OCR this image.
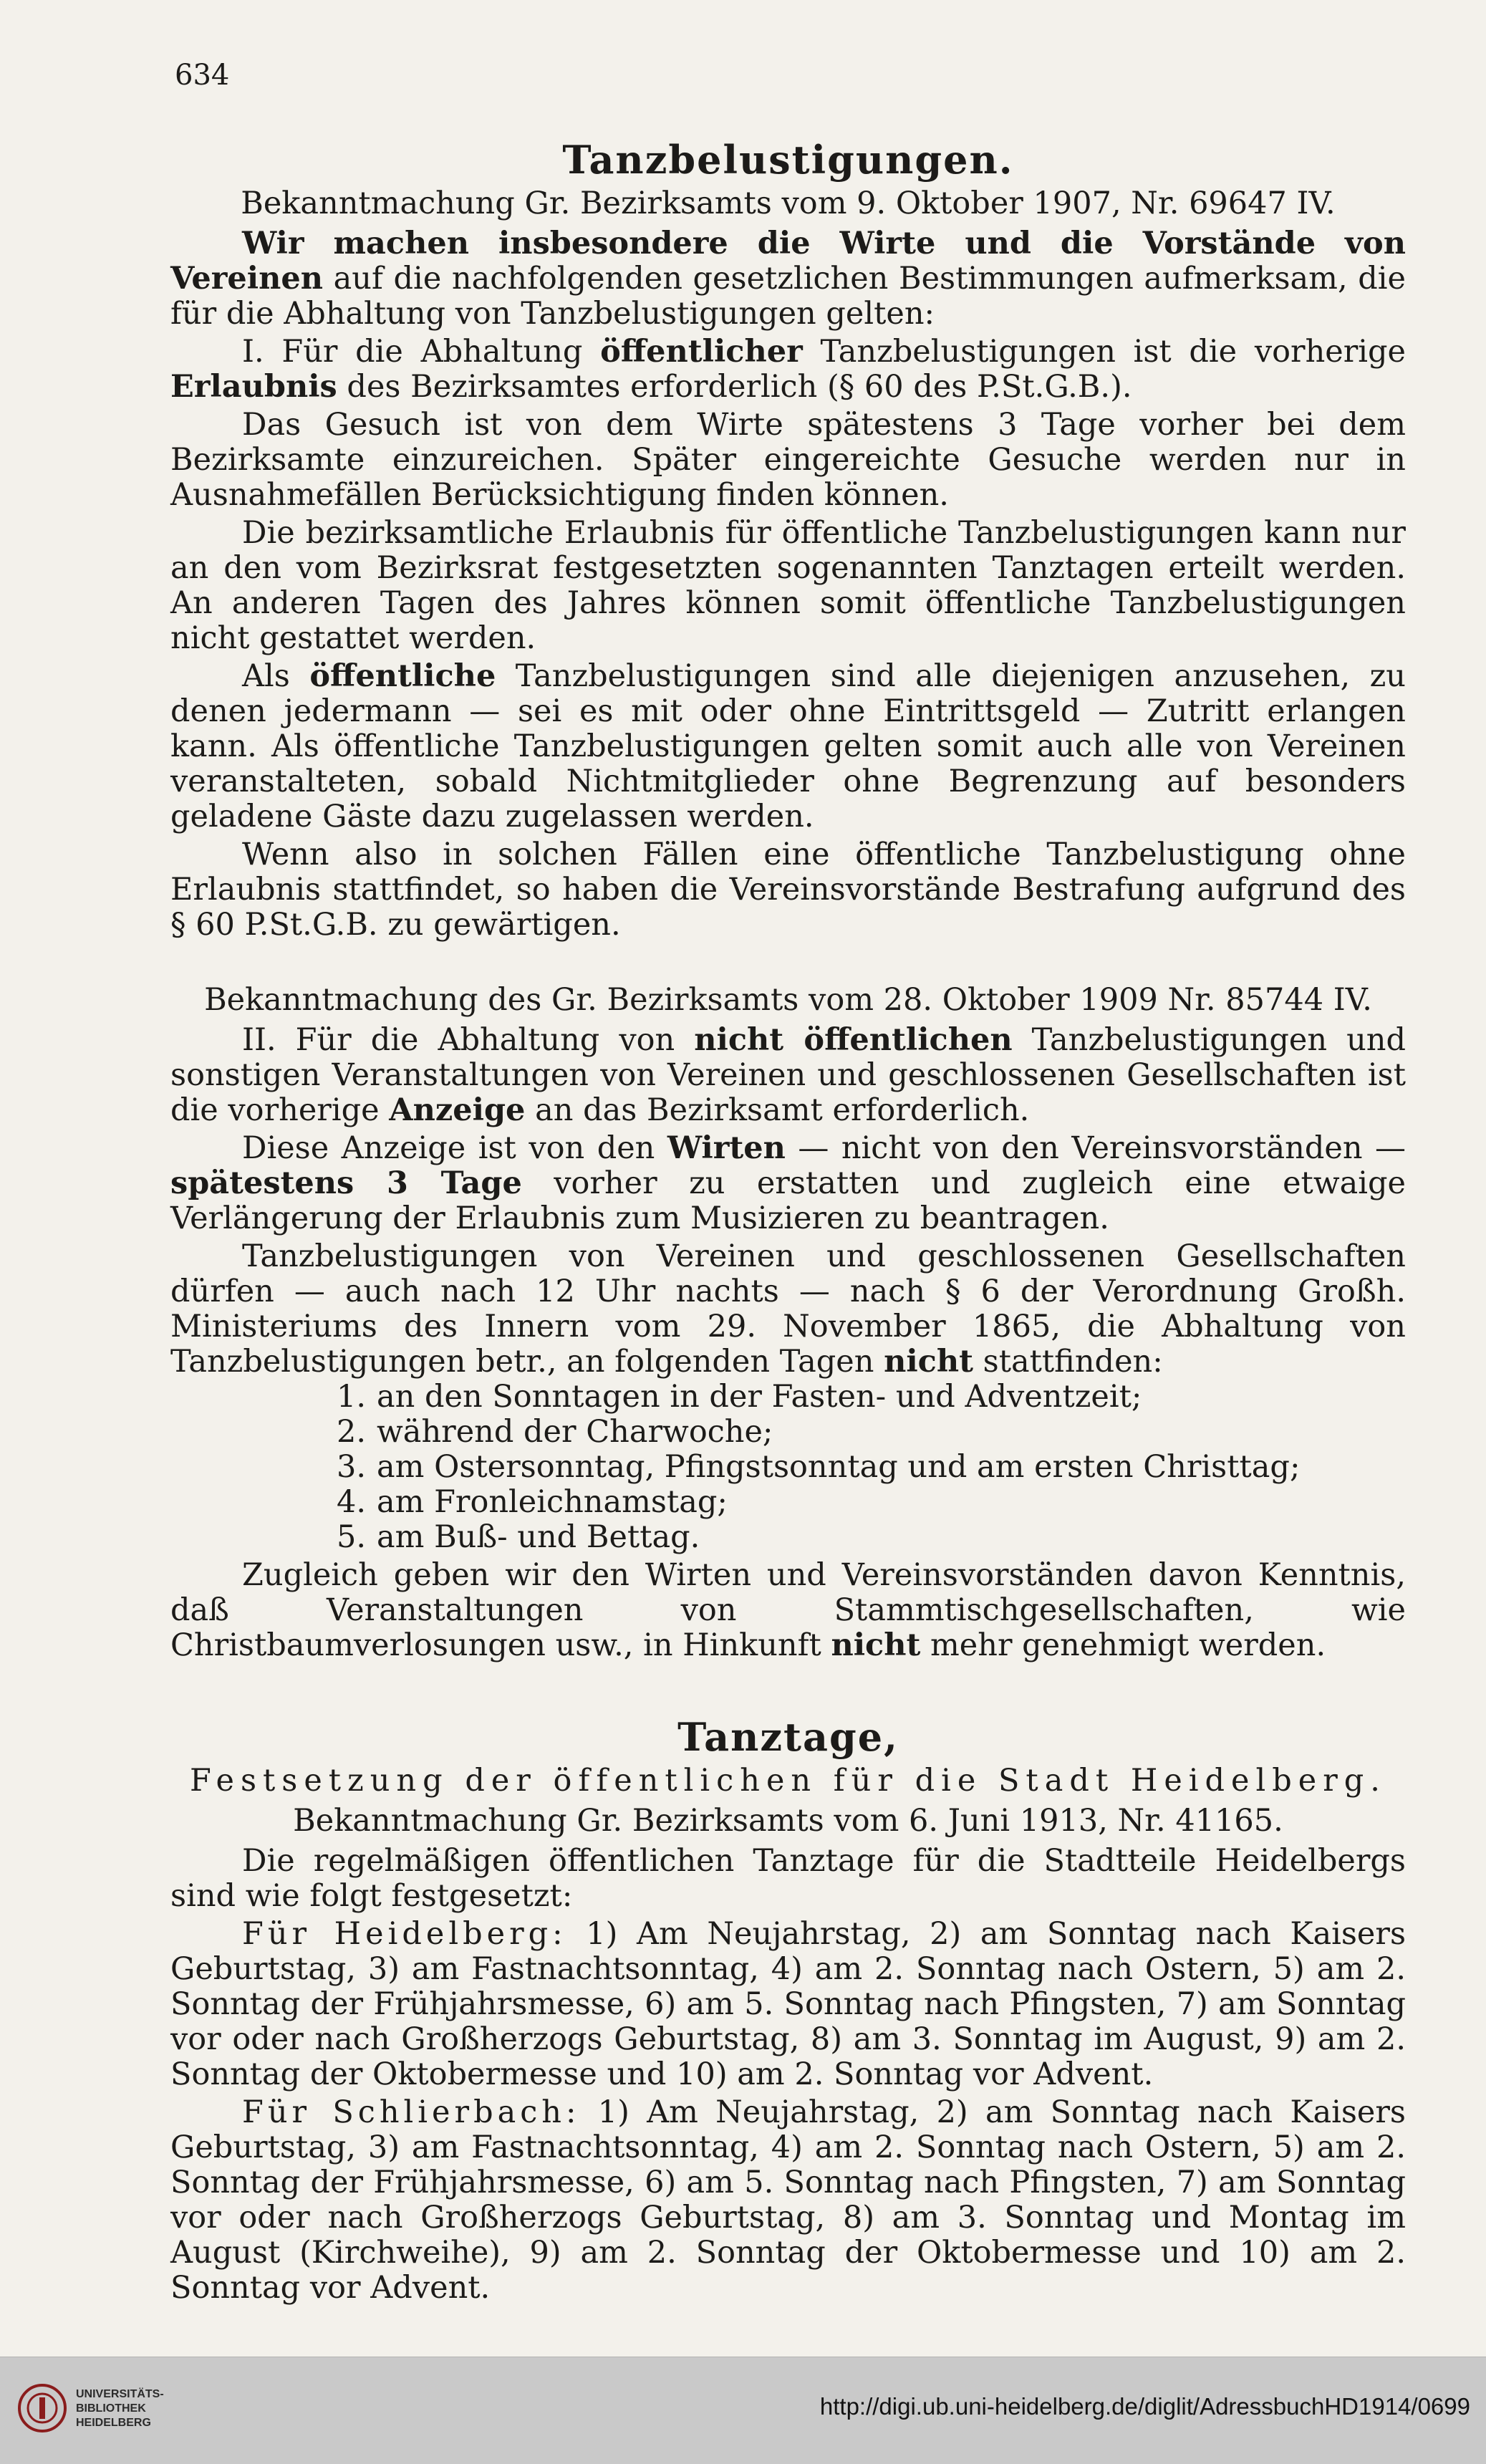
634

Tanzbelustigungen.

Bekanntmachung Gr. Bezirksamts vom 9. Oktober 1907, Nr. 69647 IV.

Wir machen insbesondere die Wirte und die Vorstände von Vereinen auf die nachfolgenden gesetzlichen Bestimmungen aufmerksam, die für die Abhaltung von Tanzbelustigungen gelten:

I. Für die Abhaltung öffentlicher Tanzbelustigungen ist die vorherige Erlaubnis des Bezirksamtes erforderlich (§ 60 des P.St.G.B.).

Das Gesuch ist von dem Wirte spätestens 3 Tage vorher bei dem Bezirksamte einzureichen. Später eingereichte Gesuche werden nur in Ausnahmefällen Berücksichtigung finden können.

Die bezirksamtliche Erlaubnis für öffentliche Tanzbelustigungen kann nur an den vom Bezirksrat festgesetzten sogenannten Tanztagen erteilt werden. An anderen Tagen des Jahres können somit öffentliche Tanzbelustigungen nicht gestattet werden.

Als öffentliche Tanzbelustigungen sind alle diejenigen anzusehen, zu denen jedermann — sei es mit oder ohne Eintrittsgeld — Zutritt erlangen kann. Als öffentliche Tanzbelustigungen gelten somit auch alle von Vereinen veranstalteten, sobald Nichtmitglieder ohne Begrenzung auf besonders geladene Gäste dazu zugelassen werden.

Wenn also in solchen Fällen eine öffentliche Tanzbelustigung ohne Erlaubnis stattfindet, so haben die Vereinsvorstände Bestrafung aufgrund des § 60 P.St.G.B. zu gewärtigen.

Bekanntmachung des Gr. Bezirksamts vom 28. Oktober 1909 Nr. 85744 IV.

II. Für die Abhaltung von nicht öffentlichen Tanzbelustigungen und sonstigen Veranstaltungen von Vereinen und geschlossenen Gesellschaften ist die vorherige Anzeige an das Bezirksamt erforderlich.

Diese Anzeige ist von den Wirten — nicht von den Vereinsvorständen — spätestens 3 Tage vorher zu erstatten und zugleich eine etwaige Verlängerung der Erlaubnis zum Musizieren zu beantragen.

Tanzbelustigungen von Vereinen und geschlossenen Gesellschaften dürfen — auch nach 12 Uhr nachts — nach § 6 der Verordnung Großh. Ministeriums des Innern vom 29. November 1865, die Abhaltung von Tanzbelustigungen betr., an folgenden Tagen nicht stattfinden:

1. an den Sonntagen in der Fasten- und Adventzeit;
2. während der Charwoche;
3. am Ostersonntag, Pfingstsonntag und am ersten Christtag;
4. am Fronleichnamstag;
5. am Buß- und Bettag.

Zugleich geben wir den Wirten und Vereinsvorständen davon Kenntnis, daß Veranstaltungen von Stammtischgesellschaften, wie Christbaumverlosungen usw., in Hinkunft nicht mehr genehmigt werden.

Tanztage,

Festsetzung der öffentlichen für die Stadt Heidelberg.

Bekanntmachung Gr. Bezirksamts vom 6. Juni 1913, Nr. 41165.

Die regelmäßigen öffentlichen Tanztage für die Stadtteile Heidelbergs sind wie folgt festgesetzt:

Für Heidelberg: 1) Am Neujahrstag, 2) am Sonntag nach Kaisers Geburtstag, 3) am Fastnachtsonntag, 4) am 2. Sonntag nach Ostern, 5) am 2. Sonntag der Frühjahrsmesse, 6) am 5. Sonntag nach Pfingsten, 7) am Sonntag vor oder nach Großherzogs Geburtstag, 8) am 3. Sonntag im August, 9) am 2. Sonntag der Oktobermesse und 10) am 2. Sonntag vor Advent.

Für Schlierbach: 1) Am Neujahrstag, 2) am Sonntag nach Kaisers Geburtstag, 3) am Fastnachtsonntag, 4) am 2. Sonntag nach Ostern, 5) am 2. Sonntag der Frühjahrsmesse, 6) am 5. Sonntag nach Pfingsten, 7) am Sonntag vor oder nach Großherzogs Geburtstag, 8) am 3. Sonntag und Montag im August (Kirchweihe), 9) am 2. Sonntag der Oktobermesse und 10) am 2. Sonntag vor Advent.

UNIVERSITÄTS-
BIBLIOTHEK
HEIDELBERG
http://digi.ub.uni-heidelberg.de/diglit/AdressbuchHD1914/0699
